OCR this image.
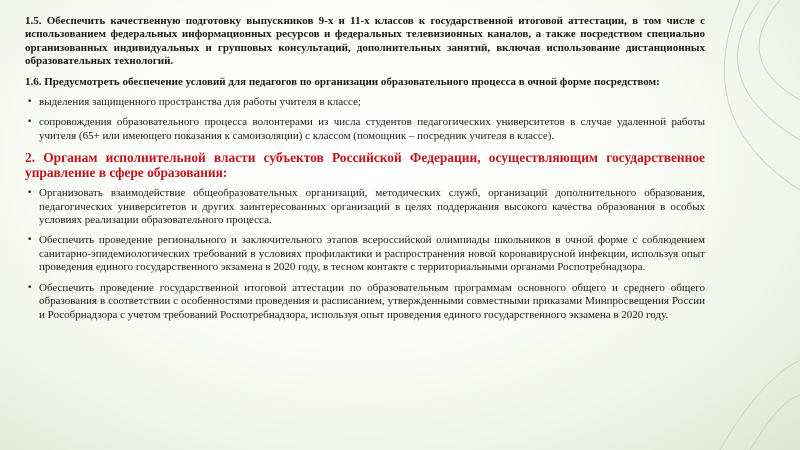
1.5. Обеспечить качественную подготовку выпускников 9-х и 11-х классов к государственной итоговой аттестации, в том числе с использованием федеральных информационных ресурсов и федеральных телевизионных каналов, а также посредством специально организованных индивидуальных и групповых консультаций, дополнительных занятий, включая использование дистанционных образовательных технологий.

1.6. Предусмотреть обеспечение условий для педагогов по организации образовательного процесса в очной форме посредством:

• выделения защищенного пространства для работы учителя в классе;
• сопровождения образовательного процесса волонтерами из числа студентов педагогических университетов в случае удаленной работы учителя (65+ или имеющего показания к самоизоляции) с классом (помощник – посредник учителя в классе).

2. Органам исполнительной власти субъектов Российской Федерации, осуществляющим государственное управление в сфере образования:

• Организовать взаимодействие общеобразовательных организаций, методических служб, организаций дополнительного образования, педагогических университетов и других заинтересованных организаций в целях поддержания высокого качества образования в особых условиях реализации образовательного процесса.
• Обеспечить проведение регионального и заключительного этапов всероссийской олимпиады школьников в очной форме с соблюдением санитарно-эпидемиологических требований в условиях профилактики и распространения новой коронавирусной инфекции, используя опыт проведения единого государственного экзамена в 2020 году, в тесном контакте с территориальными органами Роспотребнадзора.
• Обеспечить проведение государственной итоговой аттестации по образовательным программам основного общего и среднего общего образования в соответствии с особенностями проведения и расписанием, утвержденными совместными приказами Минпросвещения России и Рособрнадзора с учетом требований Роспотребнадзора, используя опыт проведения единого государственного экзамена в 2020 году.
